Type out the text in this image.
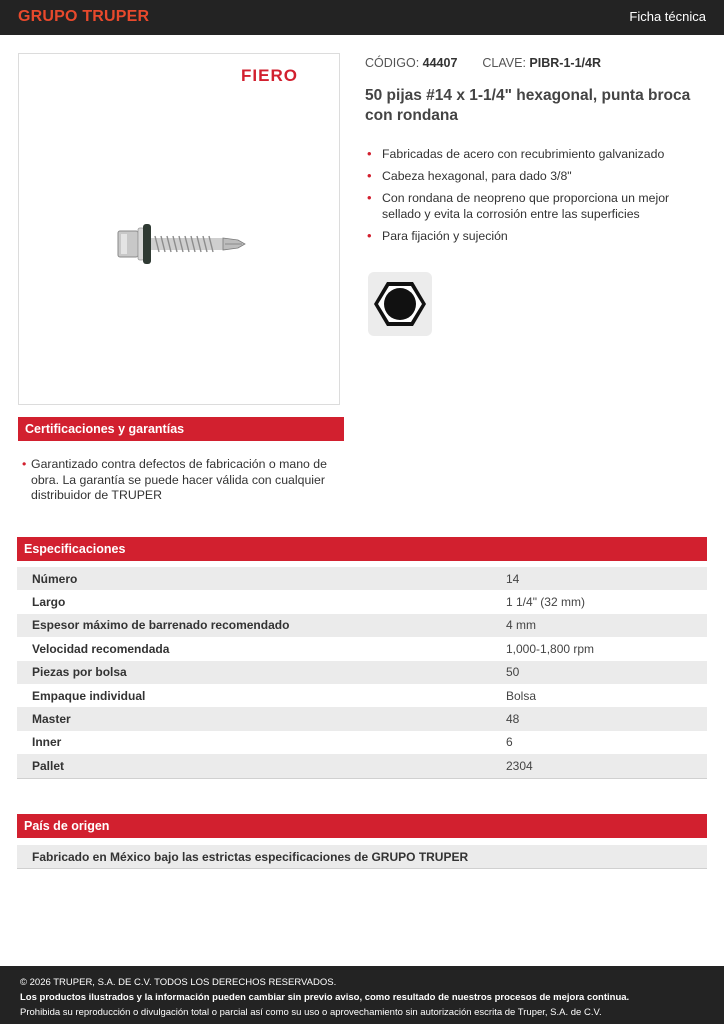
GRUPO TRUPER	Ficha técnica
FIERO
CÓDIGO: 44407 CLAVE: PIBR-1-1/4R
50 pijas #14 x 1-1/4" hexagonal, punta broca con rondana
• Fabricadas de acero con recubrimiento galvanizado
• Cabeza hexagonal, para dado 3/8"
• Con rondana de neopreno que proporciona un mejor sellado y evita la corrosión entre las superficies
• Para fijación y sujeción
Certificaciones y garantías
• Garantizado contra defectos de fabricación o mano de obra. La garantía se puede hacer válida con cualquier distribuidor de TRUPER
Especificaciones
Número	14
Largo	1 1/4" (32 mm)
Espesor máximo de barrenado recomendado	4 mm
Velocidad recomendada	1,000-1,800 rpm
Piezas por bolsa	50
Empaque individual	Bolsa
Master	48
Inner	6
Pallet	2304
País de origen
Fabricado en México bajo las estrictas especificaciones de GRUPO TRUPER
© 2026 TRUPER, S.A. DE C.V. TODOS LOS DERECHOS RESERVADOS.
Los productos ilustrados y la información pueden cambiar sin previo aviso, como resultado de nuestros procesos de mejora continua.
Prohibida su reproducción o divulgación total o parcial así como su uso o aprovechamiento sin autorización escrita de Truper, S.A. de C.V.
